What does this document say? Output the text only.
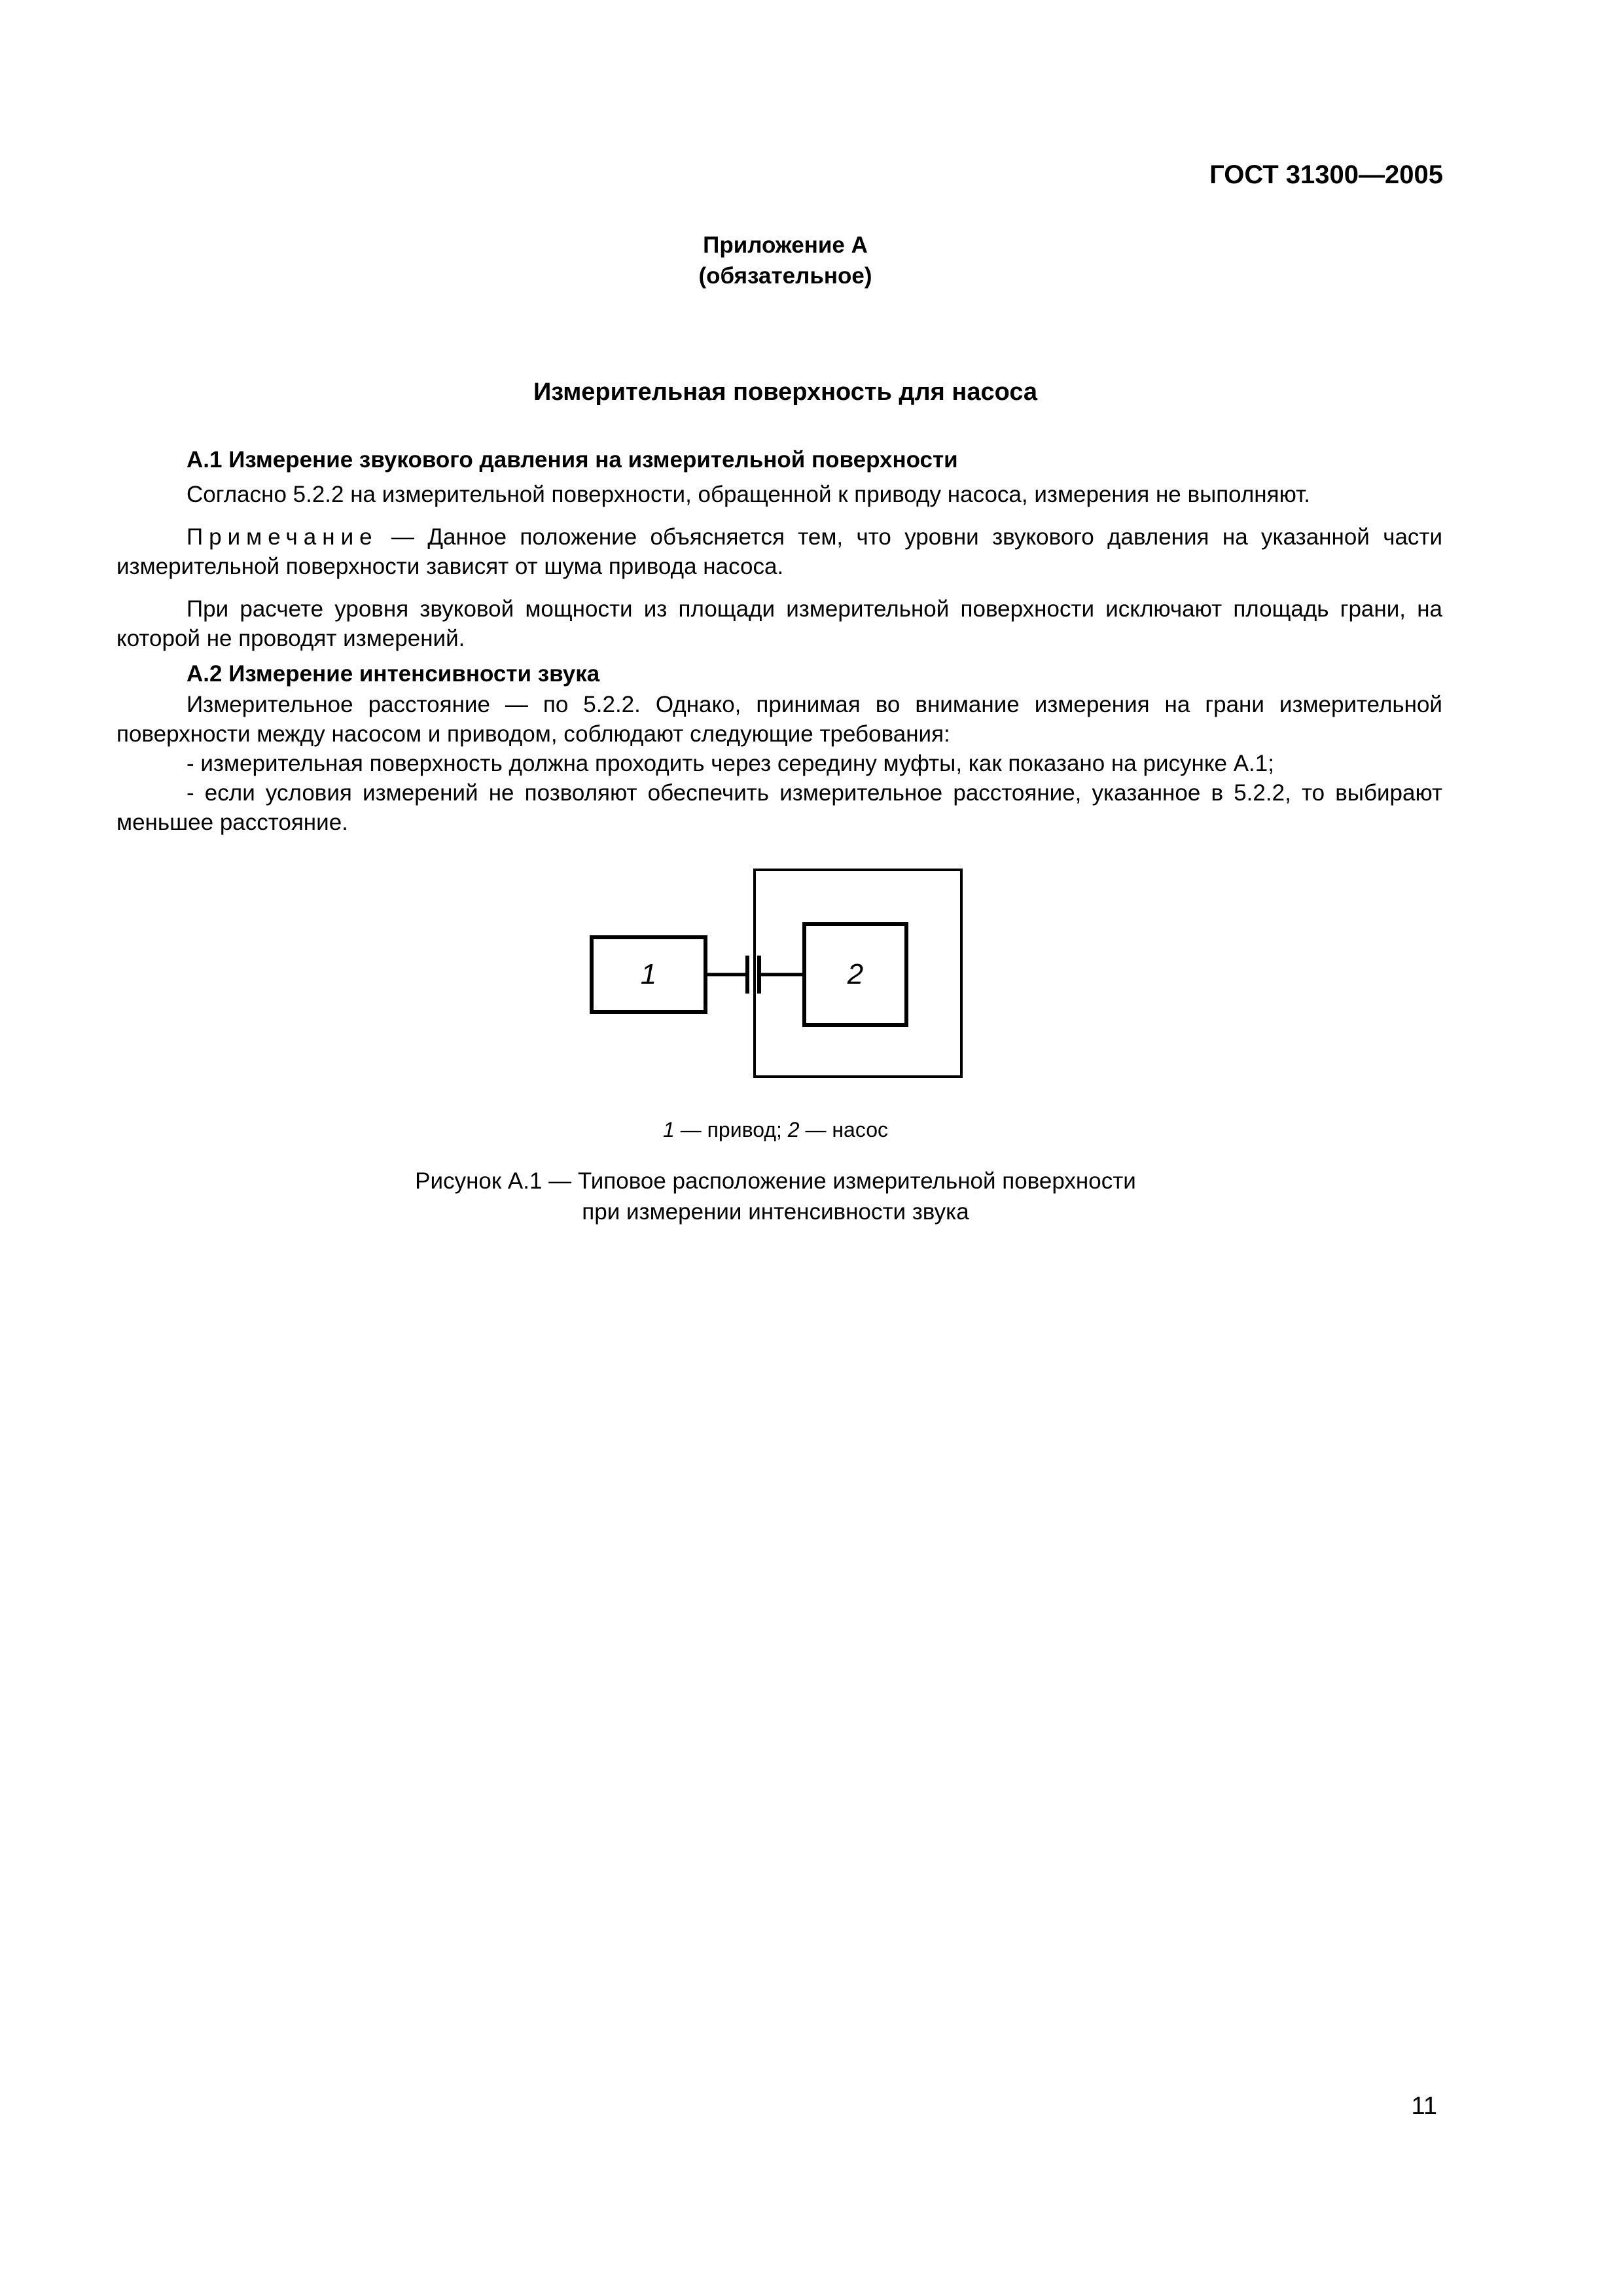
ГОСТ 31300—2005
Приложение А
(обязательное)
Измерительная поверхность для насоса

А.1 Измерение звукового давления на измерительной поверхности

Согласно 5.2.2 на измерительной поверхности, обращенной к приводу насоса, измерения не выполняют.

Примечание — Данное положение объясняется тем, что уровни звукового давления на указанной части измерительной поверхности зависят от шума привода насоса.

При расчете уровня звуковой мощности из площади измерительной поверхности исключают площадь грани, на которой не проводят измерений.

А.2 Измерение интенсивности звука

Измерительное расстояние — по 5.2.2. Однако, принимая во внимание измерения на грани измерительной поверхности между насосом и приводом, соблюдают следующие требования:

- измерительная поверхность должна проходить через середину муфты, как показано на рисунке А.1;

- если условия измерений не позволяют обеспечить измерительное расстояние, указанное в 5.2.2, то выбирают меньшее расстояние.

1	2
1 — привод; 2 — насос
Рисунок А.1 — Типовое расположение измерительной поверхности
при измерении интенсивности звука
11
